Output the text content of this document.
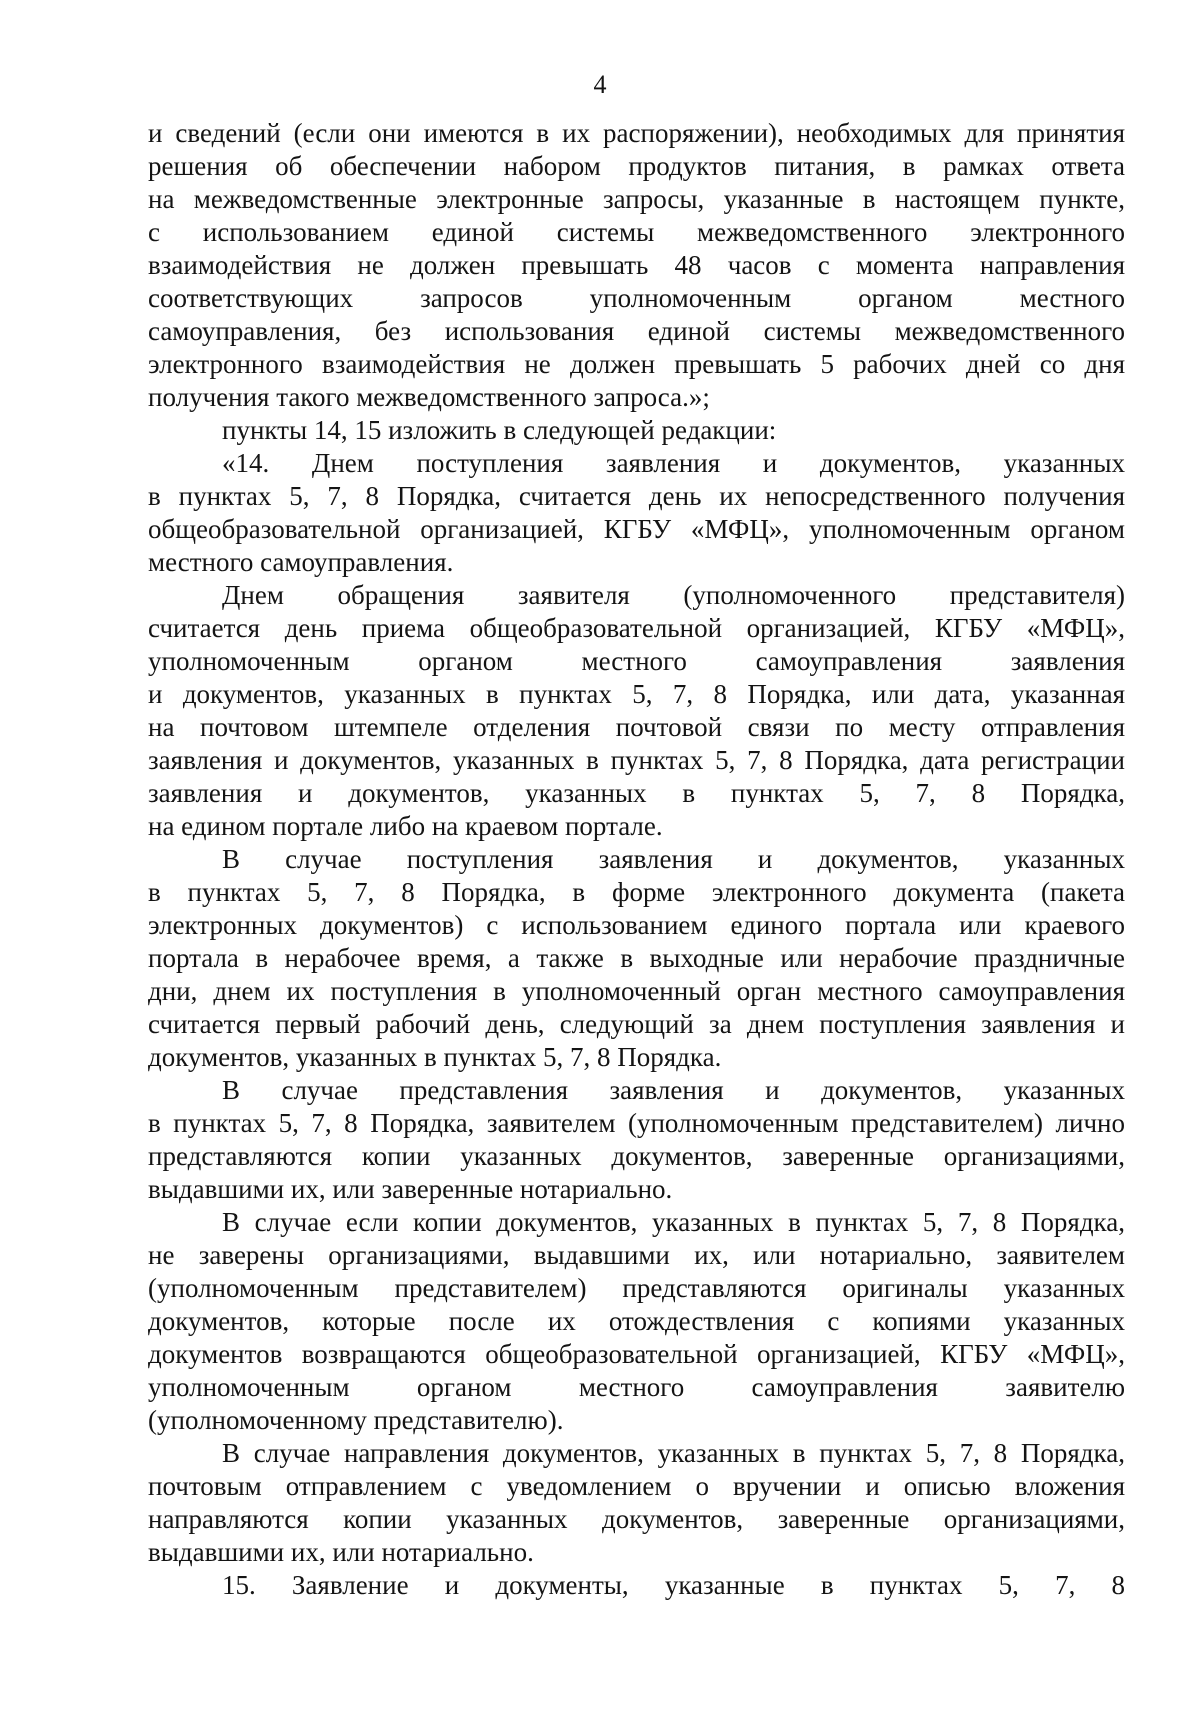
4
и сведений (если они имеются в их распоряжении), необходимых для принятия
решения об обеспечении набором продуктов питания, в рамках ответа
на межведомственные электронные запросы, указанные в настоящем пункте,
с использованием единой системы межведомственного электронного
взаимодействия не должен превышать 48 часов с момента направления
соответствующих запросов уполномоченным органом местного
самоуправления, без использования единой системы межведомственного
электронного взаимодействия не должен превышать 5 рабочих дней со дня
получения такого межведомственного запроса.»;
пункты 14, 15 изложить в следующей редакции:
«14. Днем поступления заявления и документов, указанных
в пунктах 5, 7, 8 Порядка, считается день их непосредственного получения
общеобразовательной организацией, КГБУ «МФЦ», уполномоченным органом
местного самоуправления.
Днем обращения заявителя (уполномоченного представителя)
считается день приема общеобразовательной организацией, КГБУ «МФЦ»,
уполномоченным органом местного самоуправления заявления
и документов, указанных в пунктах 5, 7, 8 Порядка, или дата, указанная
на почтовом штемпеле отделения почтовой связи по месту отправления
заявления и документов, указанных в пунктах 5, 7, 8 Порядка, дата регистрации
заявления и документов, указанных в пунктах 5, 7, 8 Порядка,
на едином портале либо на краевом портале.
В случае поступления заявления и документов, указанных
в пунктах 5, 7, 8 Порядка, в форме электронного документа (пакета
электронных документов) с использованием единого портала или краевого
портала в нерабочее время, а также в выходные или нерабочие праздничные
дни, днем их поступления в уполномоченный орган местного самоуправления
считается первый рабочий день, следующий за днем поступления заявления и
документов, указанных в пунктах 5, 7, 8 Порядка.
В случае представления заявления и документов, указанных
в пунктах 5, 7, 8 Порядка, заявителем (уполномоченным представителем) лично
представляются копии указанных документов, заверенные организациями,
выдавшими их, или заверенные нотариально.
В случае если копии документов, указанных в пунктах 5, 7, 8 Порядка,
не заверены организациями, выдавшими их, или нотариально, заявителем
(уполномоченным представителем) представляются оригиналы указанных
документов, которые после их отождествления с копиями указанных
документов возвращаются общеобразовательной организацией, КГБУ «МФЦ»,
уполномоченным органом местного самоуправления заявителю
(уполномоченному представителю).
В случае направления документов, указанных в пунктах 5, 7, 8 Порядка,
почтовым отправлением с уведомлением о вручении и описью вложения
направляются копии указанных документов, заверенные организациями,
выдавшими их, или нотариально.
15. Заявление и документы, указанные в пунктах 5, 7, 8
